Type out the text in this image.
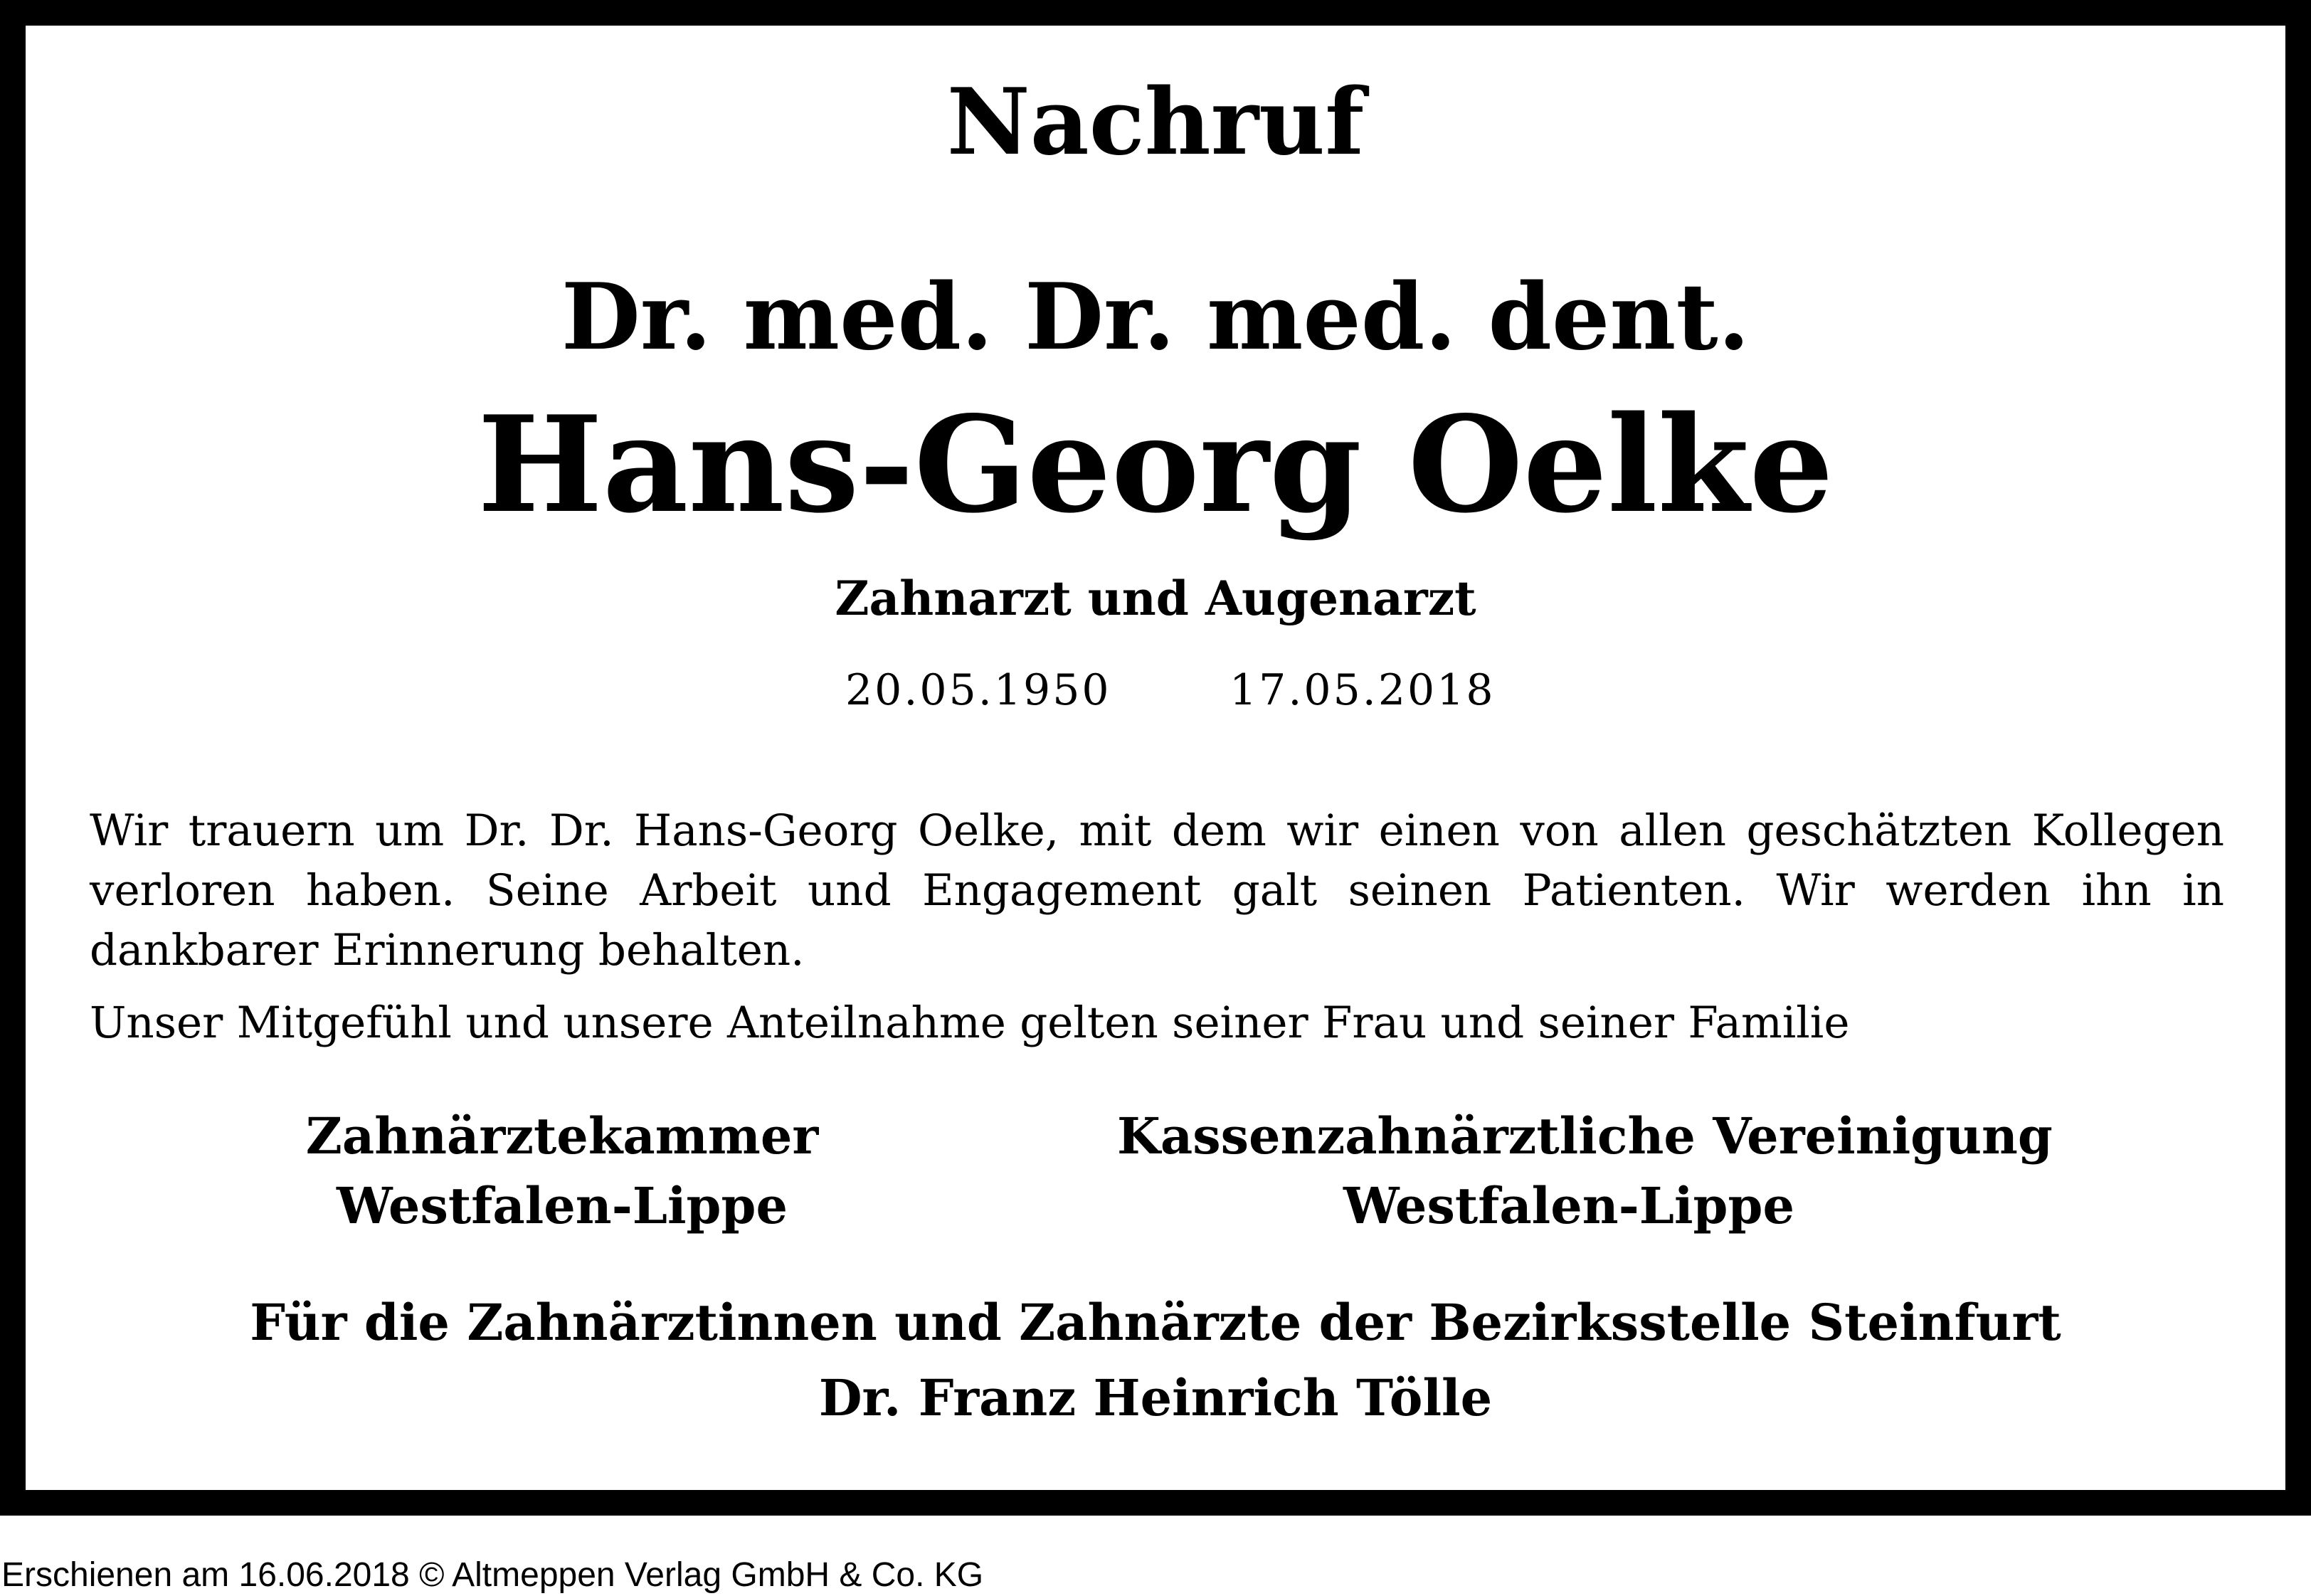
Nachruf
Dr. med. Dr. med. dent.
Hans-Georg Oelke
Zahnarzt und Augenarzt
20.05.1950	17.05.2018
Wir trauern um Dr. Dr. Hans-Georg Oelke, mit dem wir einen von allen geschätzten Kollegen verloren haben. Seine Arbeit und Engagement galt seinen Patienten. Wir werden ihn in dankbarer Erinnerung behalten.
Unser Mitgefühl und unsere Anteilnahme gelten seiner Frau und seiner Familie
Zahnärztekammer
Westfalen-Lippe
Kassenzahnärztliche Vereinigung
Westfalen-Lippe
Für die Zahnärztinnen und Zahnärzte der Bezirksstelle Steinfurt
Dr. Franz Heinrich Tölle
Erschienen am 16.06.2018 © Altmeppen Verlag GmbH & Co. KG
